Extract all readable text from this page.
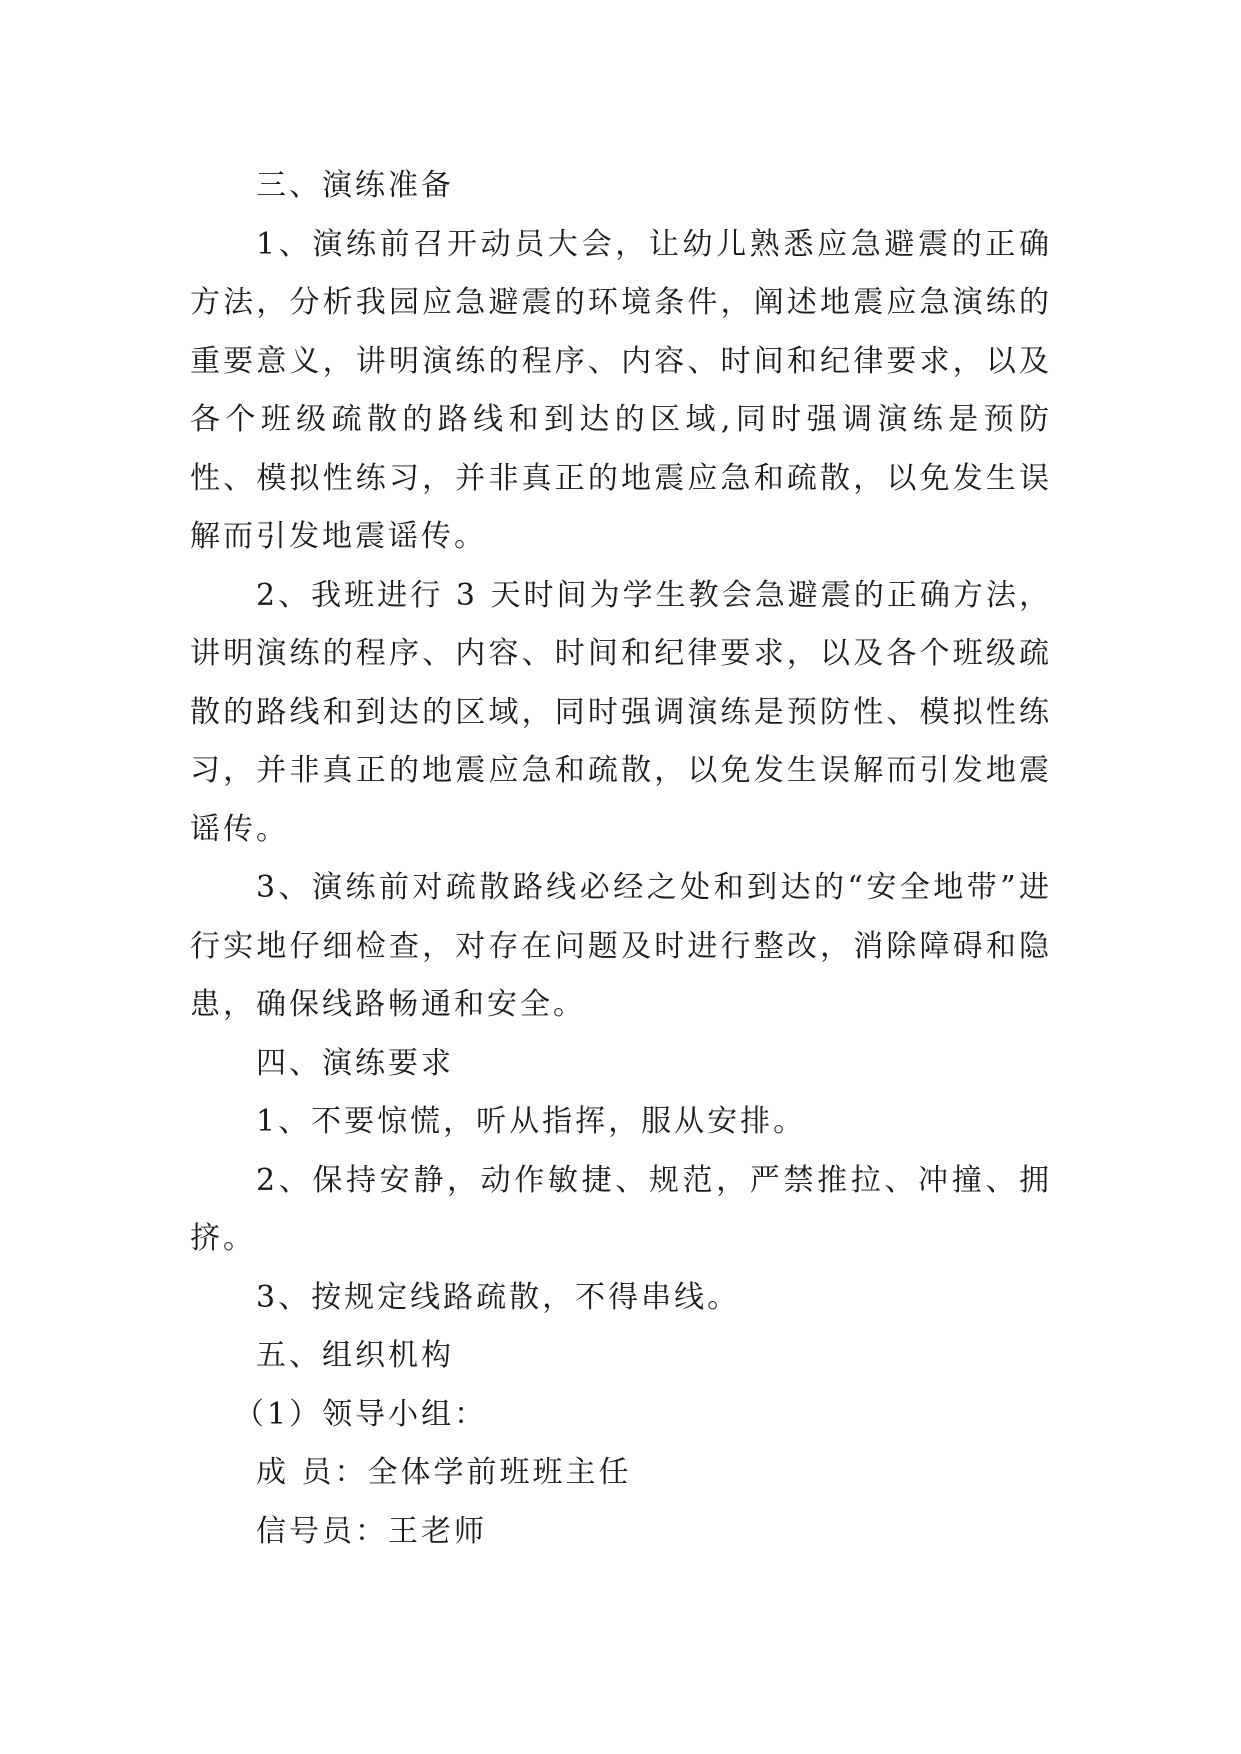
三、演练准备

1、演练前召开动员大会，让幼儿熟悉应急避震的正确方法，分析我园应急避震的环境条件，阐述地震应急演练的重要意义，讲明演练的程序、内容、时间和纪律要求，以及各个班级疏散的路线和到达的区域,同时强调演练是预防性、模拟性练习，并非真正的地震应急和疏散，以免发生误解而引发地震谣传。

2、我班进行 3 天时间为学生教会急避震的正确方法，讲明演练的程序、内容、时间和纪律要求，以及各个班级疏散的路线和到达的区域，同时强调演练是预防性、模拟性练习，并非真正的地震应急和疏散，以免发生误解而引发地震谣传。

3、演练前对疏散路线必经之处和到达的“安全地带”进行实地仔细检查，对存在问题及时进行整改，消除障碍和隐患，确保线路畅通和安全。

四、演练要求

1、不要惊慌，听从指挥，服从安排。

2、保持安静，动作敏捷、规范，严禁推拉、冲撞、拥挤。

3、按规定线路疏散，不得串线。

五、组织机构

（1）领导小组：

成 员：全体学前班班主任

信号员：王老师
